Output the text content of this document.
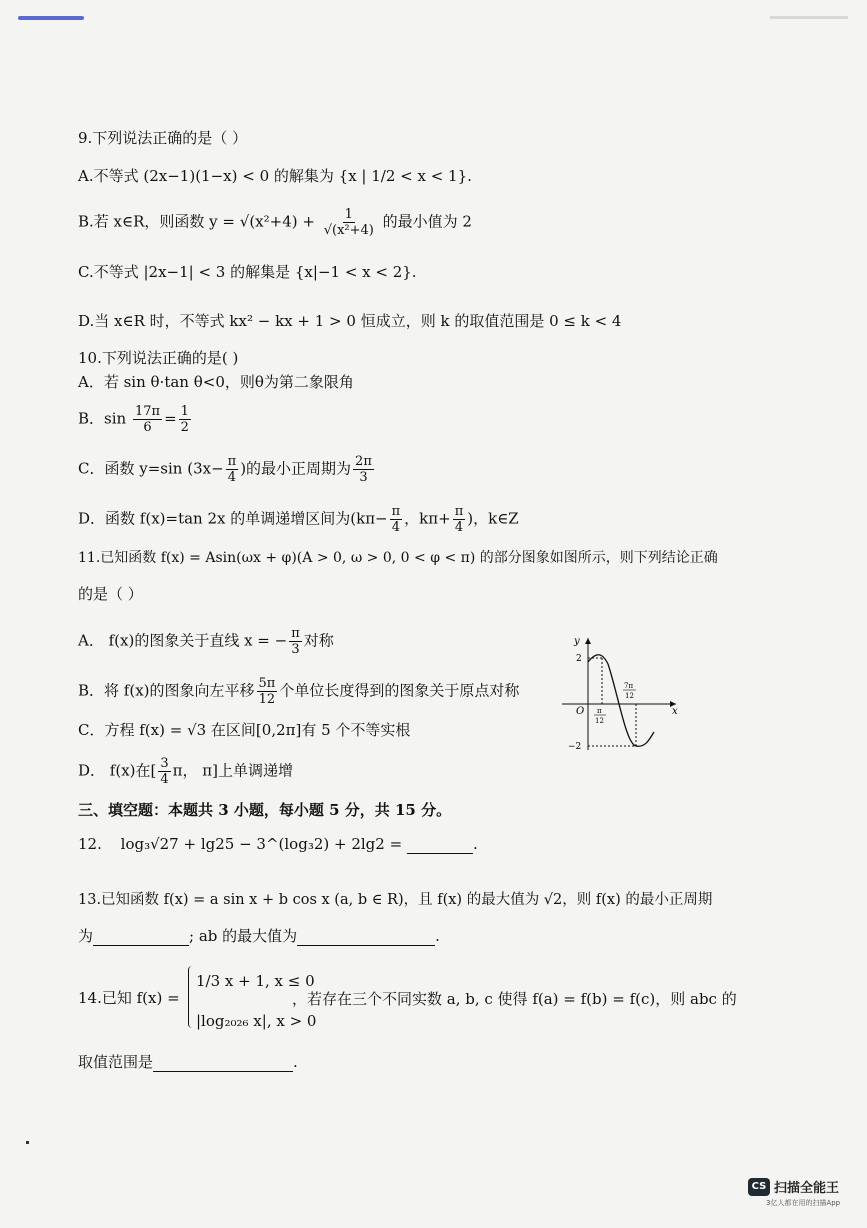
9.下列说法正确的是（ ）
A.不等式 (2x−1)(1−x) < 0 的解集为 {x | 1/2 < x < 1}.
B.若 x∈R，则函数 $y = √(x^2+4) + \frac{1}{\text{√(x²+4)}}$ 的最小值为 2
C.不等式 |2x−1| < 3 的解集是 {x|−1 < x < 2}.
D.当 x∈R 时，不等式 kx² − kx + 1 > 0 恒成立，则 k 的取值范围是 0 ≤ k < 4
10.下列说法正确的是( )
A．若 sin θ·tan θ<0，则θ为第二象限角
B．$\sin \frac{17\pi}{6} = \frac{1}{2}$
C．函数 y=sin ($3x- \frac{\pi}{4}$ )的最小正周期为 $\frac{2\pi}{3}$
D．函数 f(x)=tan 2x 的单调递增区间为($k\pi- \frac{\pi}{4}$ ，$k\pi+ \frac{\pi}{4}$ )，k∈Z
11.已知函数 f(x) = Asin(ωx + φ)(A > 0, ω > 0, 0 < φ < π) 的部分图象如图所示，则下列结论正确
的是（ ）
A． f(x)的图象关于直线 x = − $\frac{\pi}{3}$ 对称
B．将 f(x)的图象向左平移 $\frac{5\pi}{12}$ 个单位长度得到的图象关于原点对称
C．方程 f(x) = √3 在区间[0,2π]有 5 个不等实根
D． f(x)在[ $\frac{3}{4}$ π， π]上单调递增
y
x
O
2
−2
π
12
7π
12
三、填空题：本题共 3 小题，每小题 5 分，共 15 分。
12. log₃√27 + lg25 − 3^(log₃2) + 2lg2 =	.
13.已知函数 f(x) = a sin x + b cos x (a, b ∈ R)，且 f(x) 的最大值为 √2，则 f(x) 的最小正周期
为	; ab 的最大值为	.
14.已知 f(x) =
1/3 x + 1, x ≤ 0
|log₂₀₂₆ x|, x > 0
，若存在三个不同实数 a, b, c 使得 f(a) = f(b) = f(c)，则 abc 的
取值范围是	.
CS 扫描全能王
3亿人都在用的扫描App
